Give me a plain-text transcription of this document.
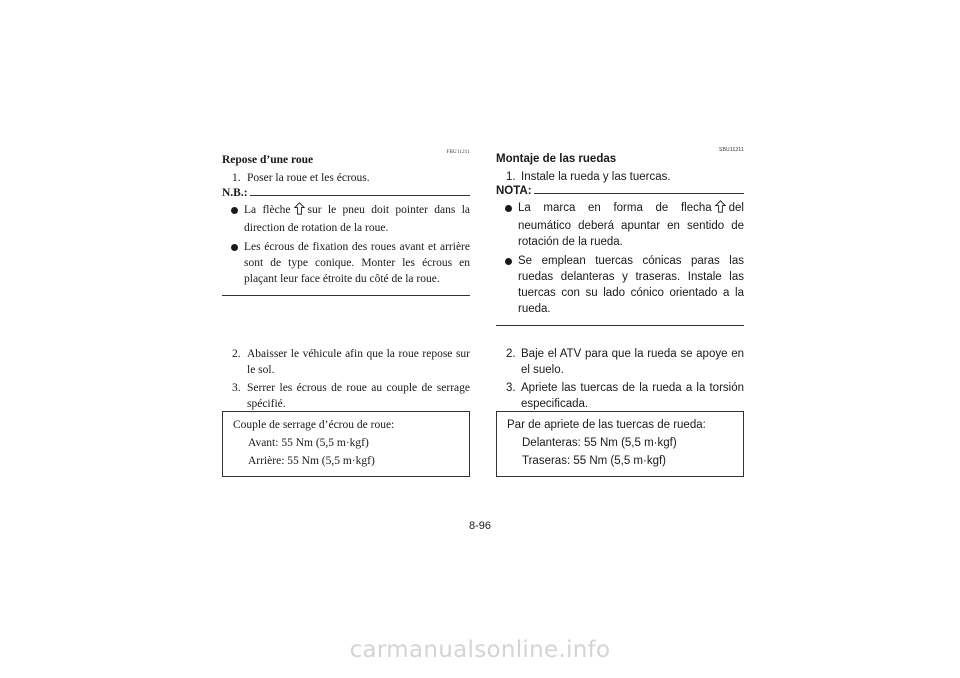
FBU11211
Repose d’une roue
1. Poser la roue et les écrous.
N.B.:
La flèche sur le pneu doit pointer dans la direction de rotation de la roue.
Les écrous de fixation des roues avant et arrière sont de type conique. Monter les écrous en plaçant leur face étroite du côté de la roue.
2. Abaisser le véhicule afin que la roue repose sur le sol.
3. Serrer les écrous de roue au couple de serrage spécifié.
Couple de serrage d’écrou de roue:
Avant: 55 Nm (5,5 m·kgf)
Arrière: 55 Nm (5,5 m·kgf)
SBU11211
Montaje de las ruedas
1. Instale la rueda y las tuercas.
NOTA:
La marca en forma de flecha del neumático deberá apuntar en sentido de rotación de la rueda.
Se emplean tuercas cónicas paras las ruedas delanteras y traseras. Instale las tuercas con su lado cónico orientado a la rueda.
2. Baje el ATV para que la rueda se apoye en el suelo.
3. Apriete las tuercas de la rueda a la torsión especificada.
Par de apriete de las tuercas de rueda:
Delanteras: 55 Nm (5,5 m·kgf)
Traseras: 55 Nm (5,5 m·kgf)
8-96
carmanualsonline.info
